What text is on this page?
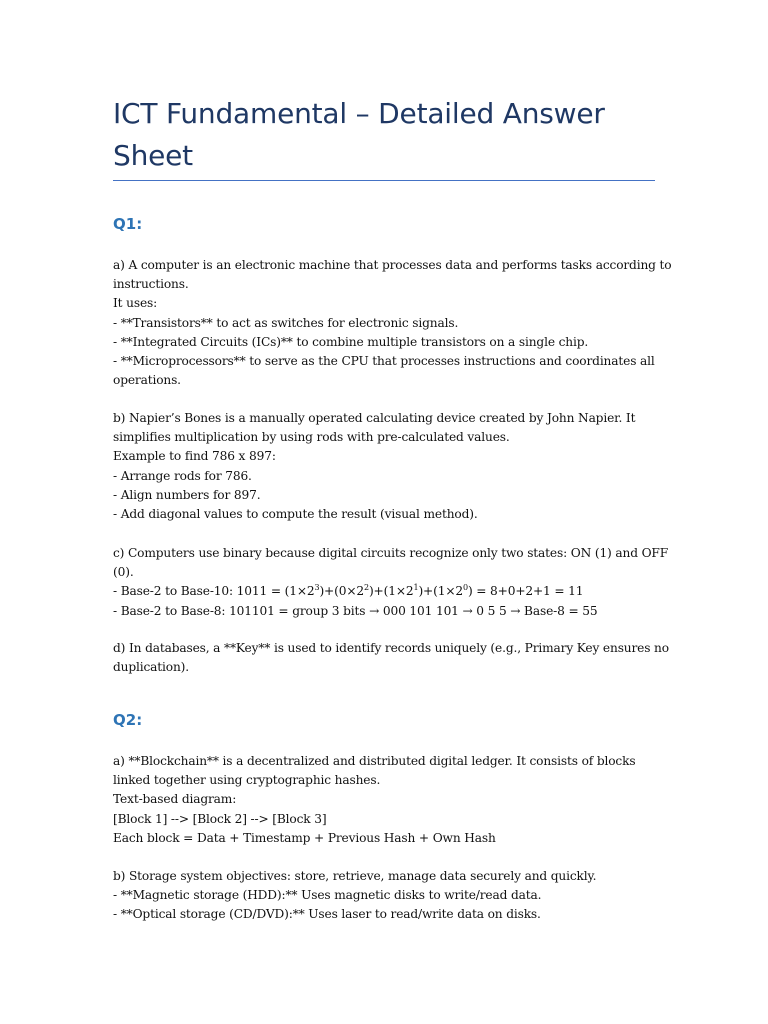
ICT Fundamental – Detailed Answer
Sheet
Q1:

a) A computer is an electronic machine that processes data and performs tasks according to
instructions.
It uses:
- **Transistors** to act as switches for electronic signals.
- **Integrated Circuits (ICs)** to combine multiple transistors on a single chip.
- **Microprocessors** to serve as the CPU that processes instructions and coordinates all
operations.

b) Napier’s Bones is a manually operated calculating device created by John Napier. It
simplifies multiplication by using rods with pre-calculated values.
Example to find 786 x 897:
- Arrange rods for 786.
- Align numbers for 897.
- Add diagonal values to compute the result (visual method).

c) Computers use binary because digital circuits recognize only two states: ON (1) and OFF
(0).
- Base-2 to Base-10: $1011 = (1\times 2^3)+(0\times 2^2)+(1\times 2^1)+(1\times 2^0) = 8+0+2+1 = 11$
- Base-2 to Base-8: 101101 = group 3 bits → 000 101 101 → 0 5 5 → Base-8 = 55

d) In databases, a **Key** is used to identify records uniquely (e.g., Primary Key ensures no
duplication).

Q2:

a) **Blockchain** is a decentralized and distributed digital ledger. It consists of blocks
linked together using cryptographic hashes.
Text-based diagram:
[Block 1] --> [Block 2] --> [Block 3]
Each block = Data + Timestamp + Previous Hash + Own Hash

b) Storage system objectives: store, retrieve, manage data securely and quickly.
- **Magnetic storage (HDD):** Uses magnetic disks to write/read data.
- **Optical storage (CD/DVD):** Uses laser to read/write data on disks.
